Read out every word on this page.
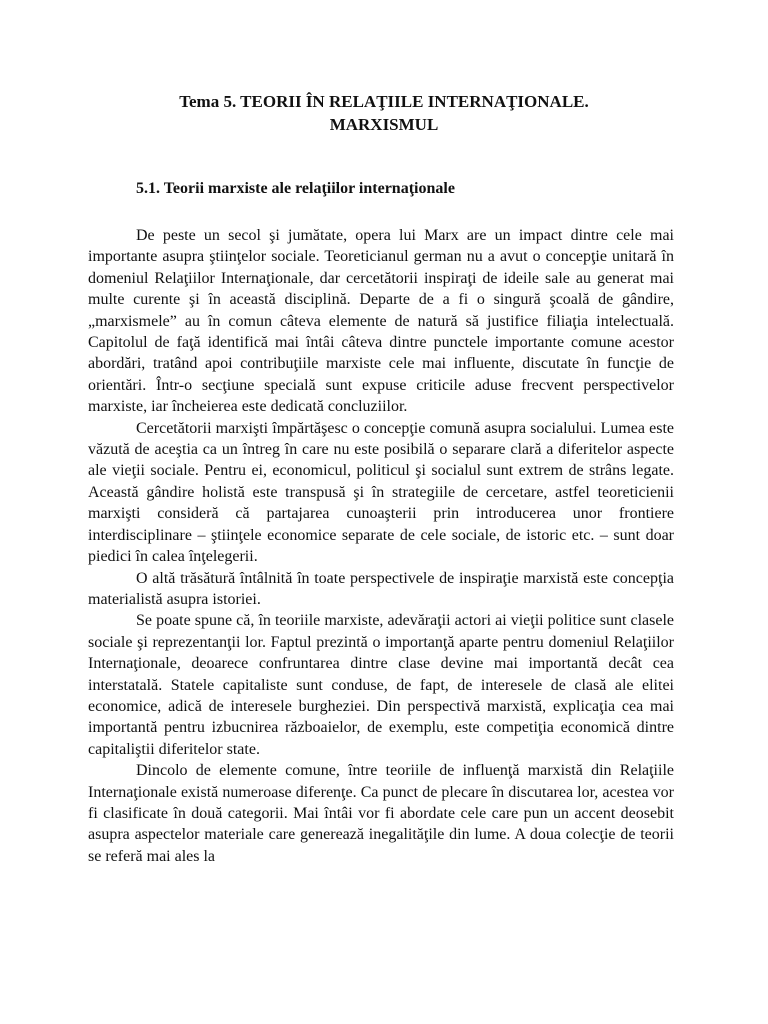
Tema 5. TEORII ÎN RELAŢIILE INTERNAŢIONALE.
MARXISMUL
5.1. Teorii marxiste ale relaţiilor internaţionale

De peste un secol şi jumătate, opera lui Marx are un impact dintre cele mai importante asupra ştiinţelor sociale. Teoreticianul german nu a avut o concepţie unitară în domeniul Relaţiilor Internaţionale, dar cercetătorii inspiraţi de ideile sale au generat mai multe curente şi în această disciplină. Departe de a fi o singură şcoală de gândire, „marxismele” au în comun câteva elemente de natură să justifice filiaţia intelectuală. Capitolul de faţă identifică mai întâi câteva dintre punctele importante comune acestor abordări, tratând apoi contribuţiile marxiste cele mai influente, discutate în funcţie de orientări. Într-o secţiune specială sunt expuse criticile aduse frecvent perspectivelor marxiste, iar încheierea este dedicată concluziilor.

Cercetătorii marxişti împărtăşesc o concepţie comună asupra socialului. Lumea este văzută de aceştia ca un întreg în care nu este posibilă o separare clară a diferitelor aspecte ale vieţii sociale. Pentru ei, economicul, politicul şi socialul sunt extrem de strâns legate. Această gândire holistă este transpusă şi în strategiile de cercetare, astfel teoreticienii marxişti consideră că partajarea cunoaşterii prin introducerea unor frontiere interdisciplinare – ştiinţele economice separate de cele sociale, de istoric etc. – sunt doar piedici în calea înţelegerii.

O altă trăsătură întâlnită în toate perspectivele de inspiraţie marxistă este concepţia materialistă asupra istoriei.

Se poate spune că, în teoriile marxiste, adevăraţii actori ai vieţii politice sunt clasele sociale şi reprezentanţii lor. Faptul prezintă o importanţă aparte pentru domeniul Relaţiilor Internaţionale, deoarece confruntarea dintre clase devine mai importantă decât cea interstatală. Statele capitaliste sunt conduse, de fapt, de interesele de clasă ale elitei economice, adică de interesele burgheziei. Din perspectivă marxistă, explicaţia cea mai importantă pentru izbucnirea războaielor, de exemplu, este competiţia economică dintre capitaliştii diferitelor state.

Dincolo de elemente comune, între teoriile de influenţă marxistă din Relaţiile Internaţionale există numeroase diferenţe. Ca punct de plecare în discutarea lor, acestea vor fi clasificate în două categorii. Mai întâi vor fi abordate cele care pun un accent deosebit asupra aspectelor materiale care generează inegalităţile din lume. A doua colecţie de teorii se referă mai ales la
